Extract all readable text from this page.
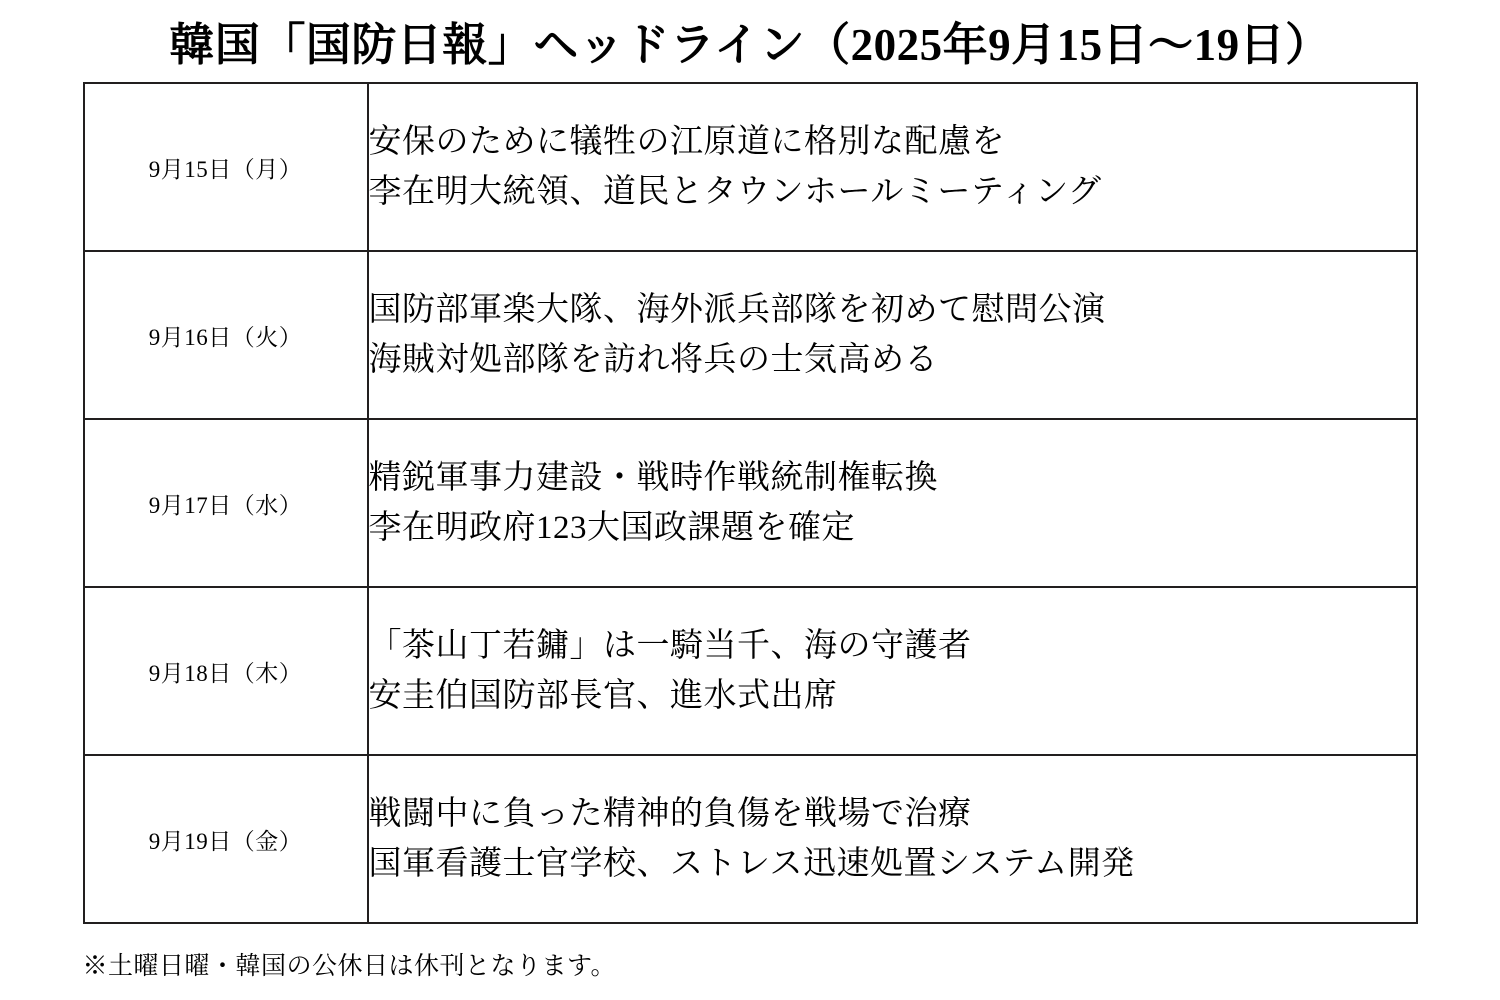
韓国「国防日報」ヘッドライン（2025年9月15日〜19日）
9月15日（月）	安保のために犠牲の江原道に格別な配慮を
李在明大統領、道民とタウンホールミーティング

9月16日（火）	国防部軍楽大隊、海外派兵部隊を初めて慰問公演
海賊対処部隊を訪れ将兵の士気高める

9月17日（水）	精鋭軍事力建設・戦時作戦統制権転換
李在明政府123大国政課題を確定

9月18日（木）	「茶山丁若鏞」は一騎当千、海の守護者
安圭伯国防部長官、進水式出席

9月19日（金）	戦闘中に負った精神的負傷を戦場で治療
国軍看護士官学校、ストレス迅速処置システム開発
※土曜日曜・韓国の公休日は休刊となります。
